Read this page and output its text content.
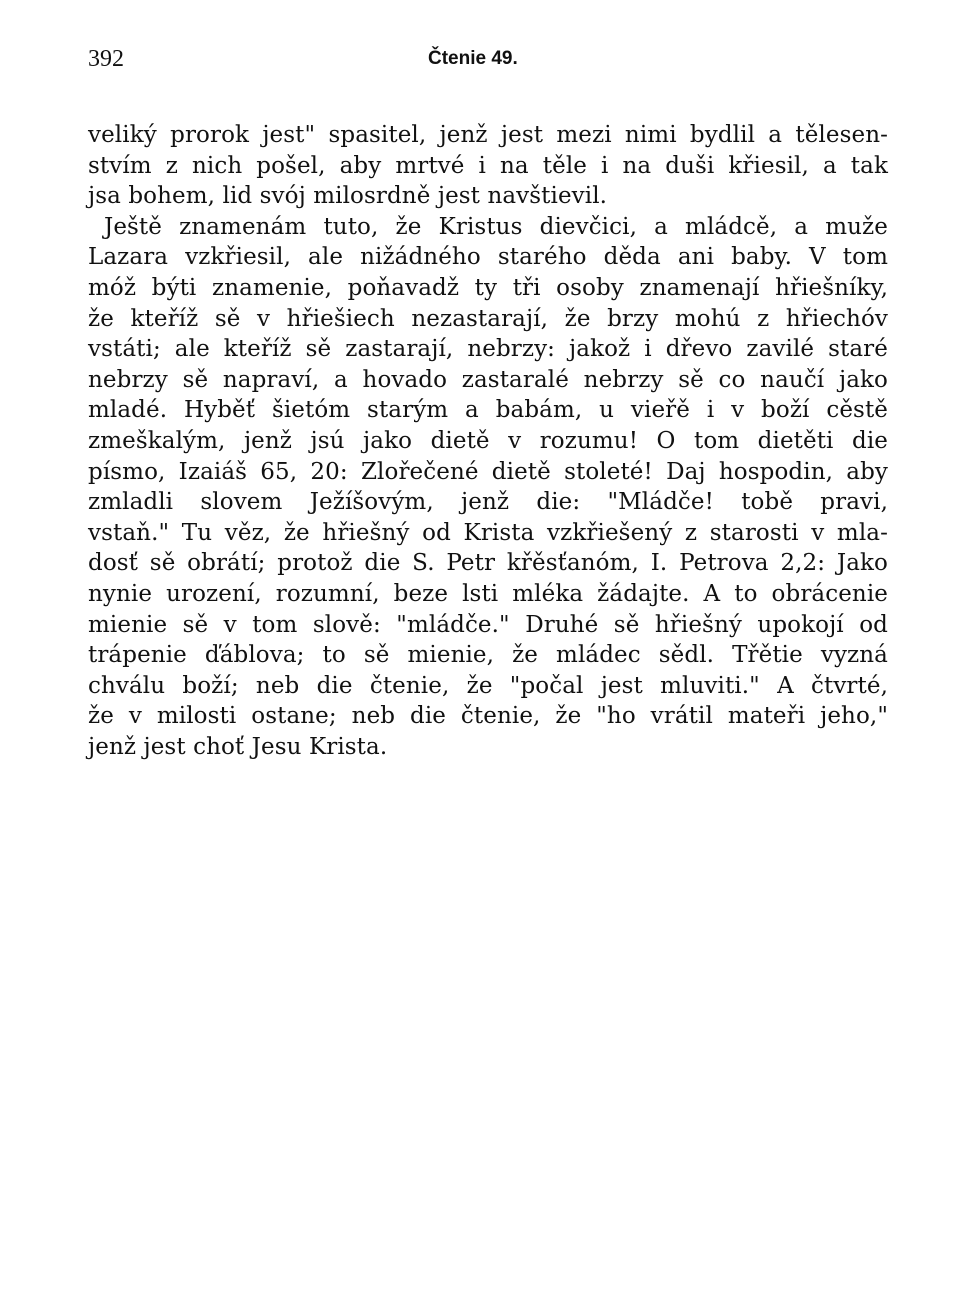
392	Čtenie 49.
veliký prorok jest" spasitel, jenž jest mezi nimi bydlil a tělesen-
stvím z nich pošel, aby mrtvé i na těle i na duši křiesil, a tak
jsa bohem, lid svój milosrdně jest navštievil.
Ještě znamenám tuto, že Kristus dievčici, a mládcě, a muže
Lazara vzkřiesil, ale nižádného starého děda ani baby. V tom
móž býti znamenie, poňavadž ty tři osoby znamenají hřiešníky,
že kteříž sě v hřiešiech nezastarají, že brzy mohú z hřiechóv
vstáti; ale kteříž sě zastarají, nebrzy: jakož i dřevo zavilé staré
nebrzy sě napraví, a hovado zastaralé nebrzy sě co naučí jako
mladé. Hyběť šietóm starým a babám, u vieřě i v boží cěstě
zmeškalým, jenž jsú jako dietě v rozumu! O tom dietěti die
písmo, Izaiáš 65, 20: Zlořečené dietě stoleté! Daj hospodin, aby
zmladli slovem Ježíšovým, jenž die: "Mládče! tobě pravi,
vstaň." Tu věz, že hřiešný od Krista vzkřiešený z starosti v mla-
dosť sě obrátí; protož die S. Petr křěsťanóm, I. Petrova 2,2: Jako
nynie urození, rozumní, beze lsti mléka žádajte. A to obrácenie
mienie sě v tom slově: "mládče." Druhé sě hřiešný upokojí od
trápenie ďáblova; to sě mienie, že mládec sědl. Třětie vyzná
chválu boží; neb die čtenie, že "počal jest mluviti." A čtvrté,
že v milosti ostane; neb die čtenie, že "ho vrátil mateři jeho,"
jenž jest choť Jesu Krista.
